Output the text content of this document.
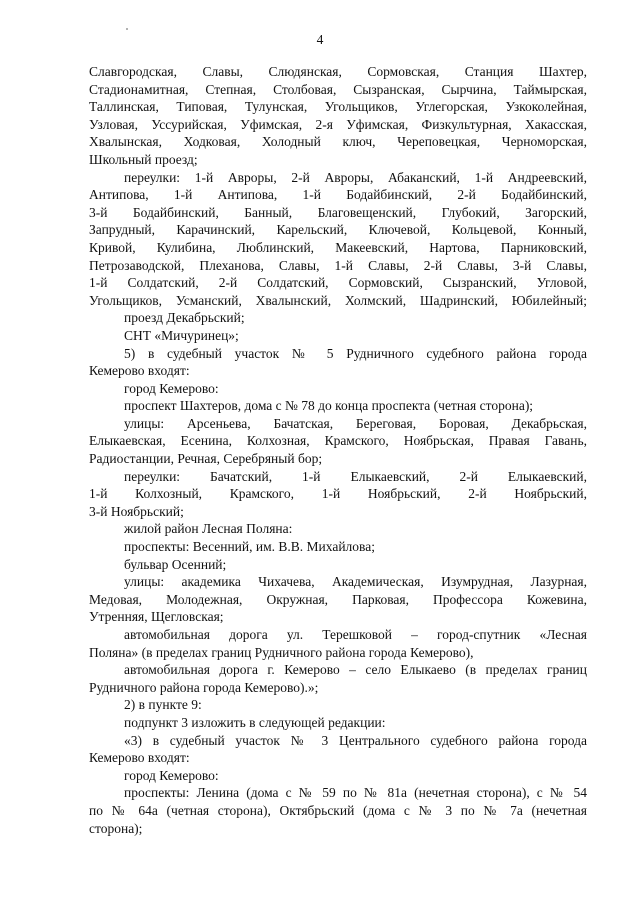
4
Славгородская, Славы, Слюдянская, Сормовская, Станция Шахтер,
Стадионамитная, Степная, Столбовая, Сызранская, Сырчина, Таймырская,
Таллинская, Типовая, Тулунская, Угольщиков, Углегорская, Узкоколейная,
Узловая, Уссурийская, Уфимская, 2-я Уфимская, Физкультурная, Хакасская,
Хвалынская, Ходковая, Холодный ключ, Череповецкая, Черноморская,
Школьный проезд;
переулки: 1-й Авроры, 2-й Авроры, Абаканский, 1-й Андреевский,
Антипова, 1-й Антипова, 1-й Бодайбинский, 2-й Бодайбинский,
3-й Бодайбинский, Банный, Благовещенский, Глубокий, Загорский,
Запрудный, Карачинский, Карельский, Ключевой, Кольцевой, Конный,
Кривой, Кулибина, Люблинский, Макеевский, Нартова, Парниковский,
Петрозаводской, Плеханова, Славы, 1-й Славы, 2-й Славы, 3-й Славы,
1-й Солдатский, 2-й Солдатский, Сормовский, Сызранский, Угловой,
Угольщиков, Усманский, Хвалынский, Холмский, Шадринский, Юбилейный;
проезд Декабрьский;
СНТ «Мичуринец»;
5) в судебный участок № 5 Рудничного судебного района города
Кемерово входят:
город Кемерово:
проспект Шахтеров, дома с № 78 до конца проспекта (четная сторона);
улицы: Арсеньева, Бачатская, Береговая, Боровая, Декабрьская,
Елыкаевская, Есенина, Колхозная, Крамского, Ноябрьская, Правая Гавань,
Радиостанции, Речная, Серебряный бор;
переулки: Бачатский, 1-й Елыкаевский, 2-й Елыкаевский,
1-й Колхозный, Крамского, 1-й Ноябрьский, 2-й Ноябрьский,
3-й Ноябрьский;
жилой район Лесная Поляна:
проспекты: Весенний, им. В.В. Михайлова;
бульвар Осенний;
улицы: академика Чихачева, Академическая, Изумрудная, Лазурная,
Медовая, Молодежная, Окружная, Парковая, Профессора Кожевина,
Утренняя, Щегловская;
автомобильная дорога ул. Терешковой – город-спутник «Лесная
Поляна» (в пределах границ Рудничного района города Кемерово),
автомобильная дорога г. Кемерово – село Елыкаево (в пределах границ
Рудничного района города Кемерово).»;
2) в пункте 9:
подпункт 3 изложить в следующей редакции:
«3) в судебный участок № 3 Центрального судебного района города
Кемерово входят:
город Кемерово:
проспекты: Ленина (дома с № 59 по № 81а (нечетная сторона), с № 54
по № 64а (четная сторона), Октябрьский (дома с № 3 по № 7а (нечетная
сторона);
